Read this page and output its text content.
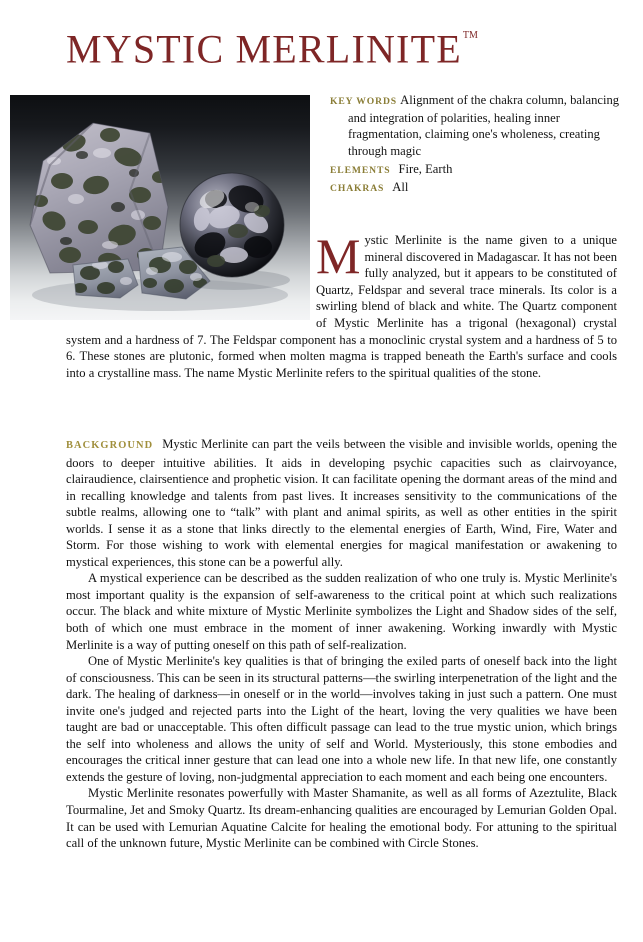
MYSTIC MERLINITE™
KEY WORDS Alignment of the chakra column, balancing and integration of polarities, healing inner fragmentation, claiming one's wholeness, creating through magic
ELEMENTS Fire, Earth
CHAKRAS All
Mystic Merlinite is the name given to a unique mineral discovered in Madagascar. It has not been fully analyzed, but it appears to be constituted of Quartz, Feldspar and several trace minerals. Its color is a swirling blend of black and white. The Quartz component of Mystic Merlinite has a trigonal (hexagonal) crystal system and a hardness of 7. The Feldspar component has a monoclinic crystal system and a hardness of 5 to 6. These stones are plutonic, formed when molten magma is trapped beneath the Earth's surface and cools into a crystalline mass. The name Mystic Merlinite refers to the spiritual qualities of the stone.

BACKGROUND Mystic Merlinite can part the veils between the visible and invisible worlds, opening the doors to deeper intuitive abilities. It aids in developing psychic capacities such as clairvoyance, clairaudience, clairsentience and prophetic vision. It can facilitate opening the dormant areas of the mind and in recalling knowledge and talents from past lives. It increases sensitivity to the communications of the subtle realms, allowing one to “talk” with plant and animal spirits, as well as other entities in the spirit worlds. I sense it as a stone that links directly to the elemental energies of Earth, Wind, Fire, Water and Storm. For those wishing to work with elemental energies for magical manifestation or awakening to mystical experiences, this stone can be a powerful ally.

A mystical experience can be described as the sudden realization of who one truly is. Mystic Merlinite's most important quality is the expansion of self-awareness to the critical point at which such realizations occur. The black and white mixture of Mystic Merlinite symbolizes the Light and Shadow sides of the self, both of which one must embrace in the moment of inner awakening. Working inwardly with Mystic Merlinite is a way of putting oneself on this path of self-realization.

One of Mystic Merlinite's key qualities is that of bringing the exiled parts of oneself back into the light of consciousness. This can be seen in its structural patterns—the swirling interpenetration of the light and the dark. The healing of darkness—in oneself or in the world—involves taking in just such a pattern. One must invite one's judged and rejected parts into the Light of the heart, loving the very qualities we have been taught are bad or unacceptable. This often difficult passage can lead to the true mystic union, which brings the self into wholeness and allows the unity of self and World. Mysteriously, this stone embodies and encourages the critical inner gesture that can lead one into a whole new life. In that new life, one constantly extends the gesture of loving, non-judgmental appreciation to each moment and each being one encounters.

Mystic Merlinite resonates powerfully with Master Shamanite, as well as all forms of Azeztulite, Black Tourmaline, Jet and Smoky Quartz. Its dream-enhancing qualities are encouraged by Lemurian Golden Opal. It can be used with Lemurian Aquatine Calcite for healing the emotional body. For attuning to the spiritual call of the unknown future, Mystic Merlinite can be combined with Circle Stones.
